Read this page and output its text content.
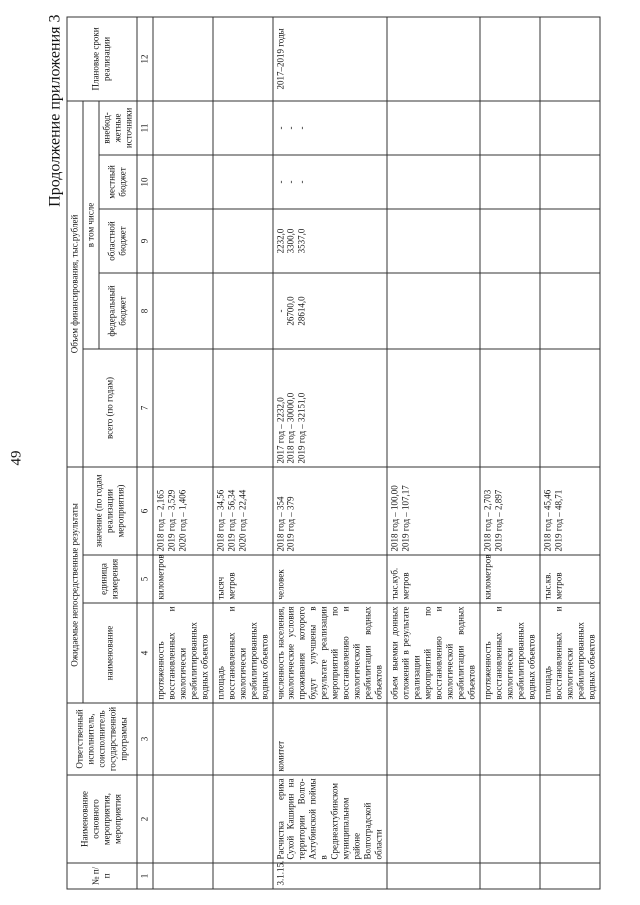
49
Продолжение приложения 3
№ п/п	Наименование основного мероприятия, мероприятия	Ответственный исполнитель, соисполнитель государственной программы	Ожидаемые непосредственные результаты			Объем финансирования, тыс.рублей					Плановые сроки реализации
			наименование	единица измерения	значение (по годам реализации мероприятия)	всего (по годам)	в том числе				
							федеральный бюджет	областной бюджет	местный бюджет	внебюд-жетные источники	
1	2	3	4	5	6	7	8	9	10	11	12
			протяженность восстановленных и экологически реабилитированных водных объектов	километров	2018 год – 2,165 2019 год – 3,529 2020 год – 1,406						

			площадь восстановленных и экологически реабилитированных водных объектов	тысяч метров	2018 год – 34,56 2019 год – 56,34 2020 год – 22,44						

3.1.15.	Расчистка ерика Сухой Каширин на территории Волго-Ахтубинской поймы в Среднеахтубинском муниципальном районе Волгоградской области	комитет	численность населения, экологические условия проживания которого будут улучшены в результате реализации мероприятий по восстановлению и экологической реабилитации водных объектов	человек	2018 год – 354 2019 год – 379	2017 год – 2232,0 2018 год – 30000,0 2019 год – 32151,0	- 26700,0 28614,0	2232,0 3300,0 3537,0	- - -	- - -	2017–2019 годы
			объем выемки донных отложений в результате реализации мероприятий по восстановлению и экологической реабилитации водных объектов	тыс.куб. метров	2018 год – 100,00 2019 год – 107,17						

			протяженность восстановленных и экологически реабилитированных водных объектов	километров	2018 год – 2,703 2019 год – 2,897						

			площадь восстановленных и экологически реабилитированных водных объектов	тыс.кв. метров	2018 год – 45,46 2019 год – 48,71						
